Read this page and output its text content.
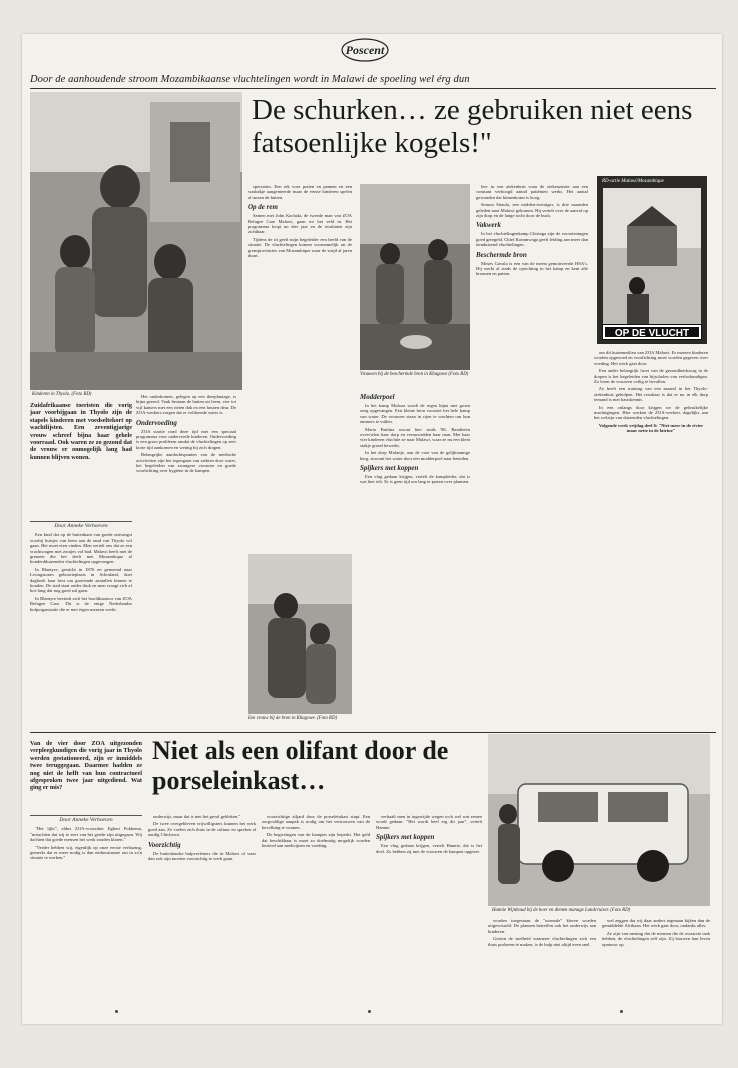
Poscent
Door de aanhoudende stroom Mozambikaanse vluchtelingen wordt in Malawi de spoeling wel érg dun
De schurken… ze gebruiken niet eens fatsoenlijke kogels!"
Kinderen in Thyolo. (Foto RD)
Zuidafrikaanse toeristen die vorig jaar voorbijgaan in Thyolo zijn de stapels kinderen met voedseltekort op wachtlijsten. Een zeventigjarige vrouw schreef bijna haar gehele voorraad. Ook waren ze zo gezond dat de vrouw er onmogelijk lang had kunnen blijven wonen.
Door Anneke Verhoeven

Een kind dat op de buitenkant van goede ontvangst voorbij huisjes van leem aan de rand van Thyolo wil gaan. Het moet eten vinden. Men vertelt ons dat ze een vrachtwagen met zoutjes vol had. Malawi heeft met de grenzen die het deelt met Mozambique al honderdduizenden vluchtelingen opgevangen.

In Blantyre, gesticht in 1876 en genoemd naar Livingstones geboorteplaats in Schotland, doet dagboek haar best om groeiende aantallen binnen te houden. De stad staat onder druk en men vraagt zich af hoe lang dat nog goed zal gaan.

In Blantyre bevindt zich het hoofdkantoor van ZOA Refugee Care. Dit is de enige Nederlandse hulporganisatie die er met eigen mensen werkt.

Het onderkomen, gelegen op een theeplantage, is bijna gereed. Vaak bestaan de hutten uit leem, vier tot vijf kamers met een rieten dak en een houten deur. De ZOA-werkers zorgen dat er voldoende water is.

Ondervoeding

ZOA startte rond deze tijd met een speciaal programma voor ondervoede kinderen. Ondervoeding is een groot probleem omdat de vluchtelingen op zeer korte tijd aankomen en weinig bij zich dragen.

Belangrijke aandachtspunten van de medische activiteiten zijn het tegengaan van ziekten door water, het begeleiden van zwangere vrouwen en goede voorlichting over hygiëne in de kampen.

speciaties. Een rek voor potten en pannen en een wasbakje aangemeerde maar de eerste kinderen spelen al tussen de hutten.

Op de rem

Samen met John Kachala, de tweede man van ZOA Refugee Care Malawi, gaan we het veld in. Het programma loopt nu drie jaar en de resultaten zijn zichtbaar.

Tijdens de rit geeft mijn begeleider een beeld van de situatie. De vluchtelingen komen voornamelijk uit de grensprovincies van Mozambique waar de strijd al jaren duurt.

Een vrouw bij de bron in Khagowe. (Foto RD)
Vrouwen bij de beschermde bron in Khagowe (Foto RD)
Modderpoel

In het kamp Muloza wordt de regen bijna met groen zeeg opgevangen. Een kleine bron voorziet het hele kamp van water. De vrouwen staan in rijen te wachten om hun emmers te vullen.

Maria Paulina woont hier sinds '86. Bandieten overvielen haar dorp en vermoordden haar man. Met haar vier kinderen vluchtte ze naar Malawi, waar ze nu een klein stukje grond bewerkt.

In het dorp Mulanje, aan de voet van de gelijknamige berg, stroomt het water door een modderpoel naar beneden.

Spijkers met koppen

Een vlug gedaan krijgen, vertelt de kampleider, dat is wat hier telt. Er is geen tijd om lang te praten over plannen.

len- in een ziekenhuis waar de ziekenzuster aan een constant verhoogd aantal patiënten werkt. Het aantal gewonden dat binnenkomt is hoog.

Semon Sitaula, een midden-twintiger, is drie maanden geleden naar Malawi gekomen. Hij vertelt over de aanval op zijn dorp en de lange tocht door de bush.

Vakwerk

In het vluchtelingenkamp Chiringa zijn de voorzieningen goed geregeld. Chief Kommwaga geeft leiding aan meer dan tienduizend vluchtelingen.

Beschermde bron

Moses Gavala is een van de meest gemotiveerde HSA's. Hij werkt al sinds de oprichting in het kamp en kent alle bronnen en putten.

RD-actie Malawi/Mozambique
OP DE VLUCHT

om dit huizenmilieu van ZOA Malawi. Er moeten kinderen worden opgevoed en voorlichting moet worden gegeven over voeding. Het werk gaat door.

Een ander belangrijk facet van de gezondheidszorg in de dorpen is het begeleiden van bijscholen van verloskundigen. Zo leren de vrouwen veilig te bevallen.

Zo heeft een training van een maand in het Thyolo-ziekenhuis geholpen. Het resultaat is dat er nu in elk dorp iemand is met basiskennis.

In een onlangs door krijgen we de gebruikelijke machtigingen. Hier werken de ZOA-werkers dagelijks aan het welzijn van duizenden vluchtelingen.

Volgende week vrijdag deel 6: "Niet meer in de rivier maar nette in de latrine"

Niet als een olifant door de porseleinkast…
Van de vier door ZOA uitgezonden verpleegkundigen die vorig jaar in Thyolo werden gestationeerd, zijn er inmiddels twee teruggegaan. Daarmee hadden ze nog niet de helft van hun contractueel afgesproken twee jaar uitgediend. Wat ging er mis?
Door Anneke Verhoeven

"Het lijkt", aldus ZOA-voorzitter Egbert Fokkema, "misschien dat wij te zeer van het goede zijn uitgegaan. Wij dachten dat goede mensen het werk zouden klaren."

"Verder hebben wij, eigenlijk op onze eerste verbazing, gemerkt dat er meer nodig is dan enthousiasme om in zo'n situatie te werken."

onderwijs, maar dat is niet het geval gebleken."

De twee overgebleven vrijwilligsters kunnen het werk goed aan. Ze voelen zich thuis in de cultuur en spreken al aardig Chichewa.

Voorzichtig

De buitenlandse hulpverleners die in Malawi of waar dan ook zijn moeten voorzichtig te werk gaan.

voorzichtige ziljard door de porseleinkast stapt. Een zorgvuldige aanpak is nodig om het vertrouwen van de bevolking te winnen.

De begrotingen van de kampen zijn beperkt. Het geld dat beschikbaar is moet zo doelmatig mogelijk worden besteed aan medicijnen en voeding.

verhaalt men in ingewijde wegen toch wel wat ermee wordt gedaan. "Het wordt heel erg dit jaar", vertelt Hannie.

Spijkers met koppen

Een vlug gedaan krijgen, vertelt Hannie, dat is het doel. Zo hebben zij met de vrouwen de kampen opgezet.

Hannie Wijnhoud bij de hoer en dienen manage Landcruiser. (Foto RD)

worden toegestaan de "normale" kleren worden uitgewisseld. De plannen betreffen ook het onderwijs aan kinderen.

Gezien de snelheid waarmee vluchtelingen zich een thuis proberen te maken, is de hulp niet altijd even snel.

wel zeggen dat wij daar anders tegenaan kijken dan de gemiddelde Afrikaan. Het werk gaat door, ondanks alles.

Ze zijn van mening dat de mensen die de zwaarste taak hebben, de vluchtelingen zelf zijn. Zij bouwen hun leven opnieuw op.
